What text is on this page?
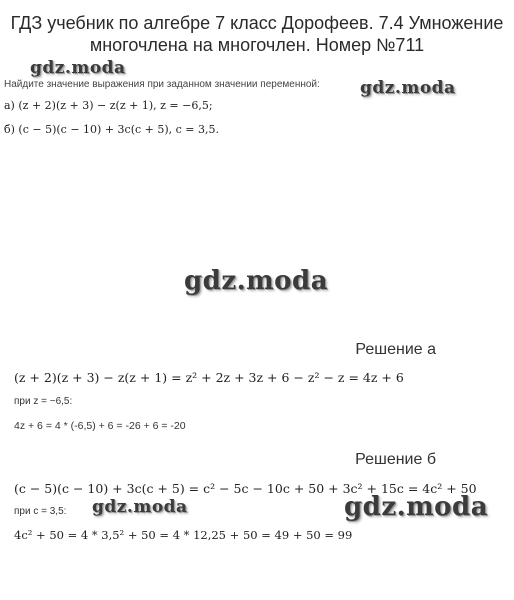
ГДЗ учебник по алгебре 7 класс Дорофеев. 7.4 Умножение
многочлена на многочлен. Номер №711
gdz.moda
gdz.moda
gdz.moda
gdz.moda	gdz.moda
Найдите значение выражения при заданном значении переменной:
а) (z + 2)(z + 3) − z(z + 1), z = −6,5;
б) (c − 5)(c − 10) + 3c(c + 5), c = 3,5.
Решение а
(z + 2)(z + 3) − z(z + 1) = z² + 2z + 3z + 6 − z² − z = 4z + 6
при z = −6,5:
4z + 6 = 4 * (-6,5) + 6 = -26 + 6 = -20
Решение б
(c − 5)(c − 10) + 3c(c + 5) = c² − 5c − 10c + 50 + 3c² + 15c = 4c² + 50
при c = 3,5:
4c² + 50 = 4 * 3,5² + 50 = 4 * 12,25 + 50 = 49 + 50 = 99
